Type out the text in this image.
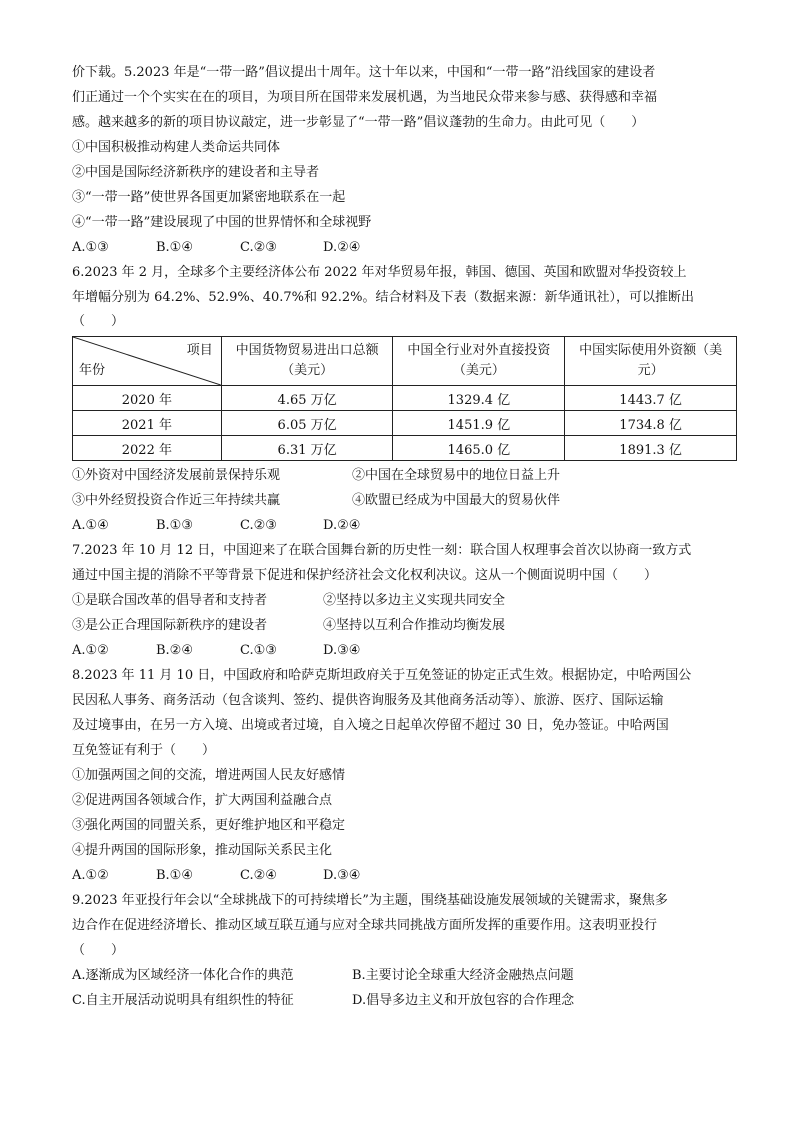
价下载。5.2023 年是“一带一路”倡议提出十周年。这十年以来，中国和“一带一路”沿线国家的建设者
们正通过一个个实实在在的项目，为项目所在国带来发展机遇，为当地民众带来参与感、获得感和幸福
感。越来越多的新的项目协议敲定，进一步彰显了“一带一路”倡议蓬勃的生命力。由此可见（　　）
①中国积极推动构建人类命运共同体
②中国是国际经济新秩序的建设者和主导者
③“一带一路”使世界各国更加紧密地联系在一起
④“一带一路”建设展现了中国的世界情怀和全球视野
A.①③	B.①④	C.②③	D.②④
6.2023 年 2 月，全球多个主要经济体公布 2022 年对华贸易年报，韩国、德国、英国和欧盟对华投资较上
年增幅分别为 64.2%、52.9%、40.7%和 92.2%。结合材料及下表（数据来源：新华通讯社），可以推断出
（　　）
项目
年份	中国货物贸易进出口总额（美元）	中国全行业对外直接投资（美元）	中国实际使用外资额（美元）
2020 年	4.65 万亿	1329.4 亿	1443.7 亿
2021 年	6.05 万亿	1451.9 亿	1734.8 亿
2022 年	6.31 万亿	1465.0 亿	1891.3 亿
①外资对中国经济发展前景保持乐观	②中国在全球贸易中的地位日益上升
③中外经贸投资合作近三年持续共赢	④欧盟已经成为中国最大的贸易伙伴
A.①④	B.①③	C.②③	D.②④
7.2023 年 10 月 12 日，中国迎来了在联合国舞台新的历史性一刻：联合国人权理事会首次以协商一致方式
通过中国主提的消除不平等背景下促进和保护经济社会文化权利决议。这从一个侧面说明中国（　　）
①是联合国改革的倡导者和支持者	②坚持以多边主义实现共同安全
③是公正合理国际新秩序的建设者	④坚持以互利合作推动均衡发展
A.①②	B.②④	C.①③	D.③④
8.2023 年 11 月 10 日，中国政府和哈萨克斯坦政府关于互免签证的协定正式生效。根据协定，中哈两国公
民因私人事务、商务活动（包含谈判、签约、提供咨询服务及其他商务活动等）、旅游、医疗、国际运输
及过境事由，在另一方入境、出境或者过境，自入境之日起单次停留不超过 30 日，免办签证。中哈两国
互免签证有利于（　　）
①加强两国之间的交流，增进两国人民友好感情
②促进两国各领域合作，扩大两国利益融合点
③强化两国的同盟关系，更好维护地区和平稳定
④提升两国的国际形象，推动国际关系民主化
A.①②	B.①④	C.②④	D.③④
9.2023 年亚投行年会以“全球挑战下的可持续增长”为主题，围绕基础设施发展领域的关键需求，聚焦多
边合作在促进经济增长、推动区域互联互通与应对全球共同挑战方面所发挥的重要作用。这表明亚投行
（　　）
A.逐渐成为区域经济一体化合作的典范	B.主要讨论全球重大经济金融热点问题
C.自主开展活动说明具有组织性的特征	D.倡导多边主义和开放包容的合作理念
